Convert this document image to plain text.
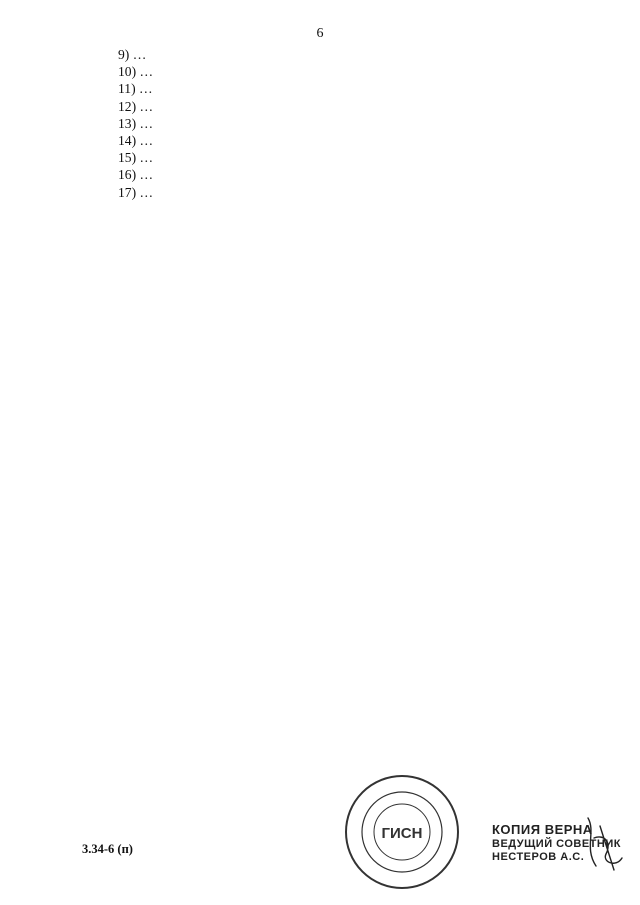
6

9) …

10) …

11) …

12) …

13) …

14) …

15) …

16) …

17) …

3.34-6 (п)
ГИСН	КОПИЯ ВЕРНА
ВЕДУЩИЙ СОВЕТНИК
НЕСТЕРОВ А.С.
